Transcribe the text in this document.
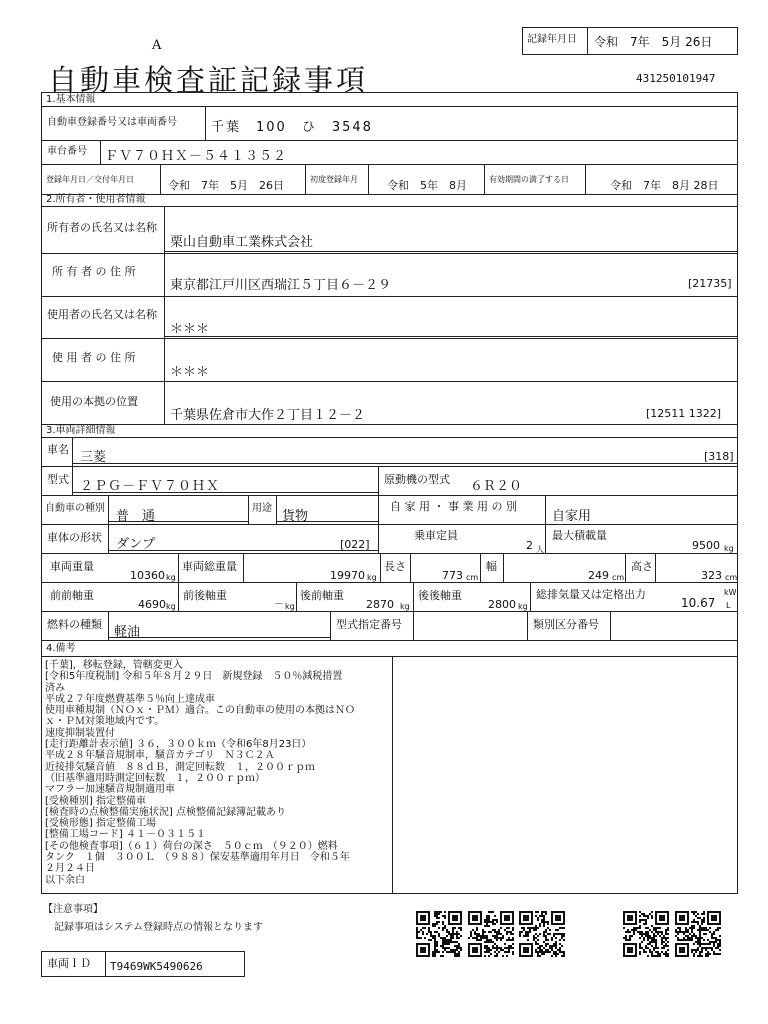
A
自動車検査証記録事項
記録年月日 令和　7年　5月 26日
431250101947
1.基本情報
自動車登録番号又は車両番号	千葉　100　ひ　3548
車台番号 ＦＶ７０ＨＸ－５４１３５２
登録年月日／交付年月日	令和　7年　5月　26日	初度登録年月	令和　5年　8月	有効期間の満了する日	令和　7年　8月 28日
2.所有者・使用者情報
所有者の氏名又は名称
栗山自動車工業株式会社
所 有 者 の 住 所
東京都江戸川区西瑞江５丁目６－２９	[21735]
使用者の氏名又は名称
＊＊＊
使 用 者 の 住 所
＊＊＊
使用の本拠の位置
千葉県佐倉市大作２丁目１２－２	[12511 1322]
3.車両詳細情報
車名
三菱	[318]
型式 ２ＰＧ－ＦＶ７０ＨＸ	原動機の型式 ６Ｒ２０
自動車の種別
普　通
用途
貨物
自 家 用 ・ 事 業 用 の 別
自家用
車体の形状 ダンプ	[022]
乗車定員
2 人
最大積載量
9500 kg
車両重量
10360 kg
車両総重量
19970 kg
長さ
773 cm
幅
249 cm
高さ
323 cm
前前軸重
4690 kg
前後軸重
－ kg
後前軸重
2870 kg
後後軸重
2800 kg
総排気量又は定格出力	kW
10.67 L
燃料の種類
軽油
型式指定番号	類別区分番号
4.備考
[千葉]，移転登録，管轄変更入
[令和5年度税制] 令和５年８月２９日　新規登録　５０％減税措置
済み
平成２７年度燃費基準５％向上達成車
使用車種規制（ＮＯｘ・ＰＭ）適合。この自動車の使用の本拠はＮＯ
ｘ・ＰＭ対策地域内です。
速度抑制装置付
[走行距離計表示値] ３６，３００ｋｍ（令和6年8月23日）
平成２８年騒音規制車，騒音カテゴリ　Ｎ３Ｃ２Ａ
近接排気騒音値　８８ｄＢ，測定回転数　１，２００ｒｐｍ
（旧基準適用時測定回転数　１，２００ｒｐｍ）
マフラー加速騒音規制適用車
[受検種別] 指定整備車
[検査時の点検整備実施状況] 点検整備記録簿記載あり
[受検形態] 指定整備工場
[整備工場コード] ４１－０３１５１
[その他検査事項]（６１）荷台の深さ　５０ｃｍ　（９２０）燃料
タンク　１個　３００Ｌ　（９８８）保安基準適用年月日　令和５年
２月２４日
以下余白
【注意事項】
記録事項はシステム登録時点の情報となります
車両ＩＤ T9469WK5490626
